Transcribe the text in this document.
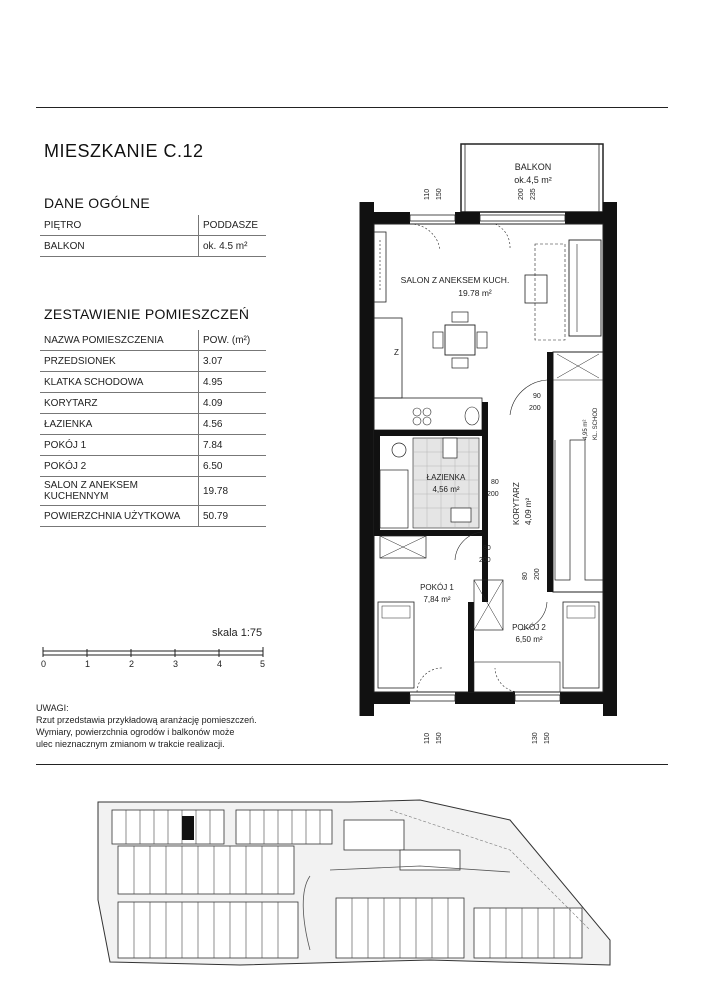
MIESZKANIE C.12
DANE OGÓLNE
PIĘTRO	PODDASZE
BALKON	ok. 4.5 m²
ZESTAWIENIE POMIESZCZEŃ
NAZWA POMIESZCZENIA	POW. (m²)
PRZEDSIONEK	3.07
KLATKA SCHODOWA	4.95
KORYTARZ	4.09
ŁAZIENKA	4.56
POKÓJ 1	7.84
POKÓJ 2	6.50
SALON Z ANEKSEM KUCHENNYM	19.78
POWIERZCHNIA UŻYTKOWA	50.79
skala 1:75
0	1	2	3	4	5
UWAGI:
Rzut przedstawia przykładową aranżację pomieszczeń.
Wymiary, powierzchnia ogrodów i balkonów może
ulec nieznacznym zmianom w trakcie realizacji.
BALKON
ok.4,5 m²
Z
SALON Z ANEKSEM KUCH.
19.78 m²
110 150	200 235
4,95 m² KL. SCHOD
90
200
KORYTARZ 4,09 m²
ŁAZIENKA
4,56 m²
80
200
POKÓJ 1
7,84 m²
80
200
POKÓJ 2
6,50 m²
80 200
110 150	130 150
